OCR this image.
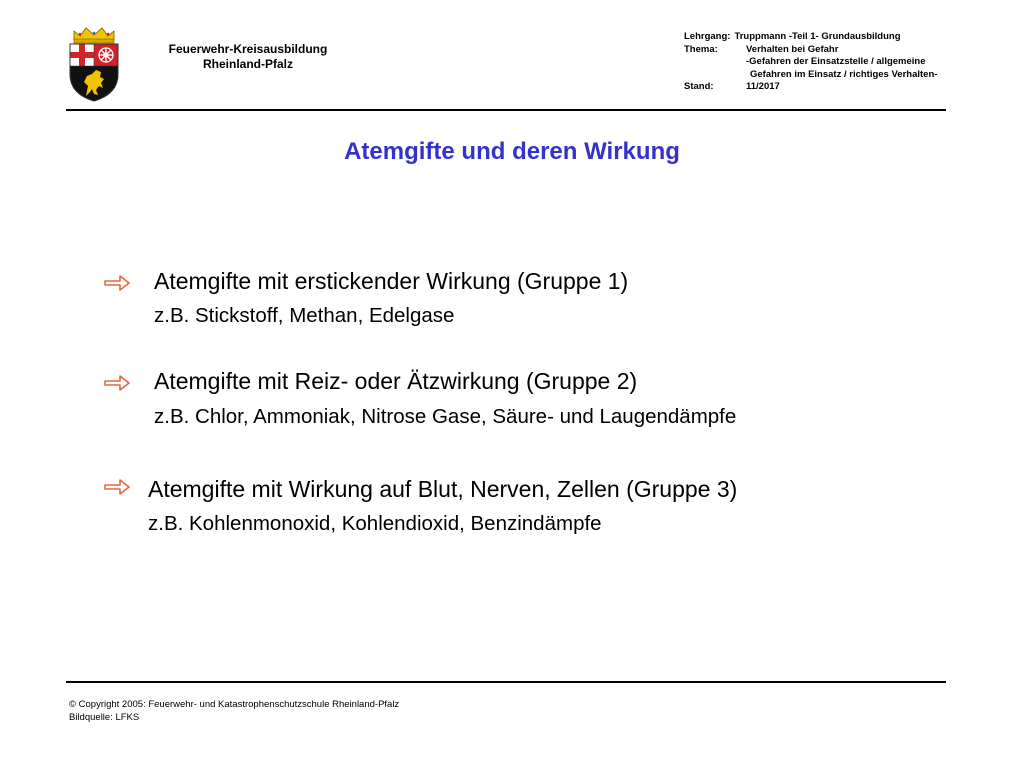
Feuerwehr-Kreisausbildung
Rheinland-Pfalz
Lehrgang: Truppmann -Teil 1- Grundausbildung
Thema:	Verhalten bei Gefahr
-Gefahren der Einsatzstelle / allgemeine
Gefahren im Einsatz / richtiges Verhalten-
Stand:	11/2017
Atemgifte und deren Wirkung
Atemgifte mit erstickender Wirkung (Gruppe 1)
z.B. Stickstoff, Methan, Edelgase
Atemgifte mit Reiz- oder Ätzwirkung (Gruppe 2)
z.B. Chlor, Ammoniak, Nitrose Gase, Säure- und Laugendämpfe
Atemgifte mit Wirkung auf Blut, Nerven, Zellen (Gruppe 3)
z.B. Kohlenmonoxid, Kohlendioxid, Benzindämpfe
© Copyright 2005: Feuerwehr- und Katastrophenschutzschule Rheinland-Pfalz
Bildquelle: LFKS
